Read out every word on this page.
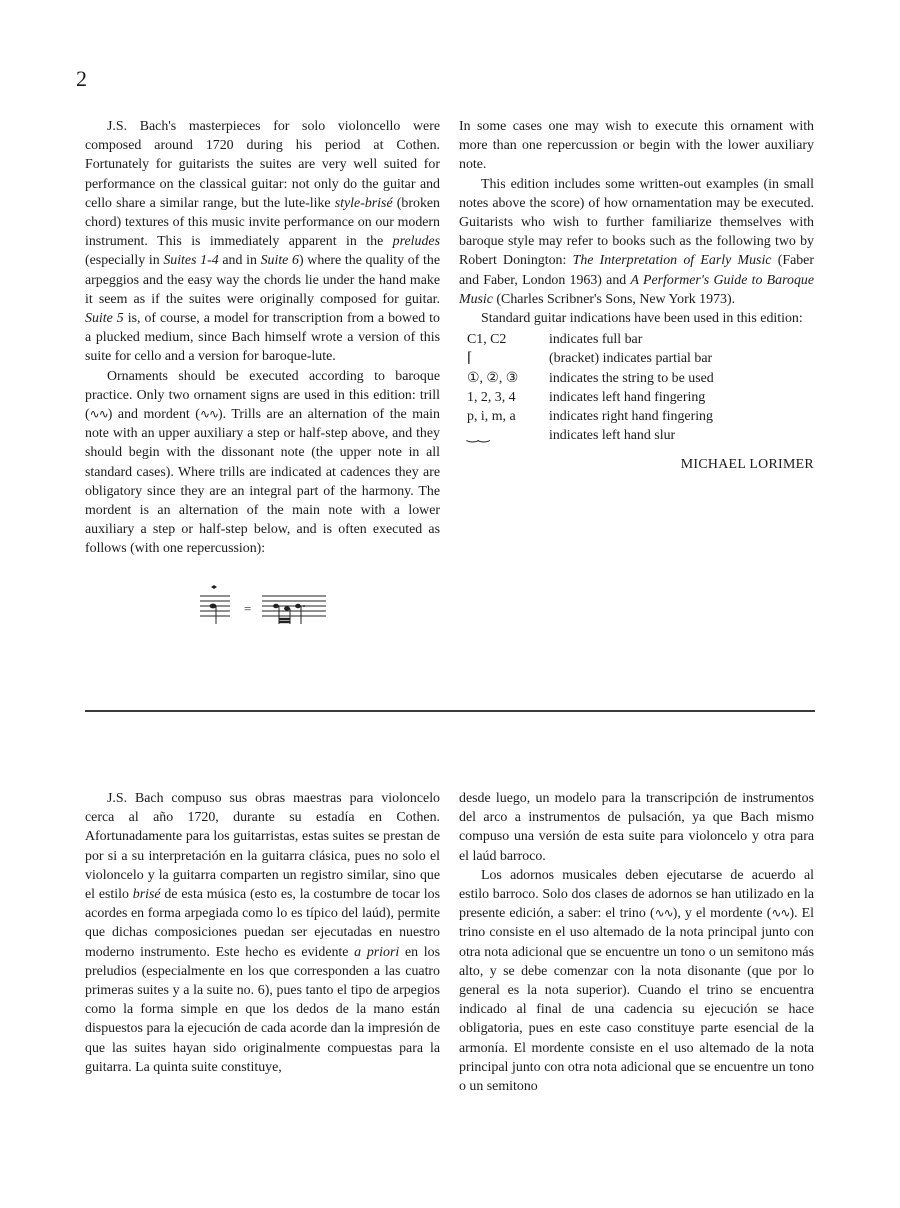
2

J.S. Bach's masterpieces for solo violoncello were composed around 1720 during his period at Cothen. Fortunately for guitarists the suites are very well suited for performance on the classical guitar: not only do the guitar and cello share a similar range, but the lute-like style-brisé (broken chord) textures of this music invite performance on our modern instrument. This is immediately apparent in the preludes (especially in Suites 1-4 and in Suite 6) where the quality of the arpeggios and the easy way the chords lie under the hand make it seem as if the suites were originally composed for guitar. Suite 5 is, of course, a model for transcription from a bowed to a plucked medium, since Bach himself wrote a version of this suite for cello and a version for baroque-lute.

Ornaments should be executed according to baroque practice. Only two ornament signs are used in this edition: trill (∿∿) and mordent (∿∿). Trills are an alternation of the main note with an upper auxiliary a step or half-step above, and they should begin with the dissonant note (the upper note in all standard cases). Where trills are indicated at cadences they are obligatory since they are an integral part of the harmony. The mordent is an alternation of the main note with a lower auxiliary a step or half-step below, and is often executed as follows (with one repercussion):

=

In some cases one may wish to execute this ornament with more than one repercussion or begin with the lower auxiliary note.

This edition includes some written-out examples (in small notes above the score) of how ornamentation may be executed. Guitarists who wish to further familiarize themselves with baroque style may refer to books such as the following two by Robert Donington: The Interpretation of Early Music (Faber and Faber, London 1963) and A Performer's Guide to Baroque Music (Charles Scribner's Sons, New York 1973).

Standard guitar indications have been used in this edition:

C1, C2	indicates full bar
⌈	(bracket) indicates partial bar
①, ②, ③	indicates the string to be used
1, 2, 3, 4	indicates left hand fingering
p, i, m, a	indicates right hand fingering
‿‿	indicates left hand slur
MICHAEL LORIMER

J.S. Bach compuso sus obras maestras para violoncelo cerca al año 1720, durante su estadía en Cothen. Afortunadamente para los guitarristas, estas suites se prestan de por si a su interpretación en la guitarra clásica, pues no solo el violoncelo y la guitarra comparten un registro similar, sino que el estilo brisé de esta música (esto es, la costumbre de tocar los acordes en forma arpegiada como lo es típico del laúd), permite que dichas composiciones puedan ser ejecutadas en nuestro moderno instrumento. Este hecho es evidente a priori en los preludios (especialmente en los que corresponden a las cuatro primeras suites y a la suite no. 6), pues tanto el tipo de arpegios como la forma simple en que los dedos de la mano están dispuestos para la ejecución de cada acorde dan la impresión de que las suites hayan sido originalmente compuestas para la guitarra. La quinta suite constituye,

desde luego, un modelo para la transcripción de instrumentos del arco a instrumentos de pulsación, ya que Bach mismo compuso una versión de esta suite para violoncelo y otra para el laúd barroco.

Los adornos musicales deben ejecutarse de acuerdo al estilo barroco. Solo dos clases de adornos se han utilizado en la presente edición, a saber: el trino (∿∿), y el mordente (∿∿). El trino consiste en el uso altemado de la nota principal junto con otra nota adicional que se encuentre un tono o un semitono más alto, y se debe comenzar con la nota disonante (que por lo general es la nota superior). Cuando el trino se encuentra indicado al final de una cadencia su ejecución se hace obligatoria, pues en este caso constituye parte esencial de la armonía. El mordente consiste en el uso altemado de la nota principal junto con otra nota adicional que se encuentre un tono o un semitono
